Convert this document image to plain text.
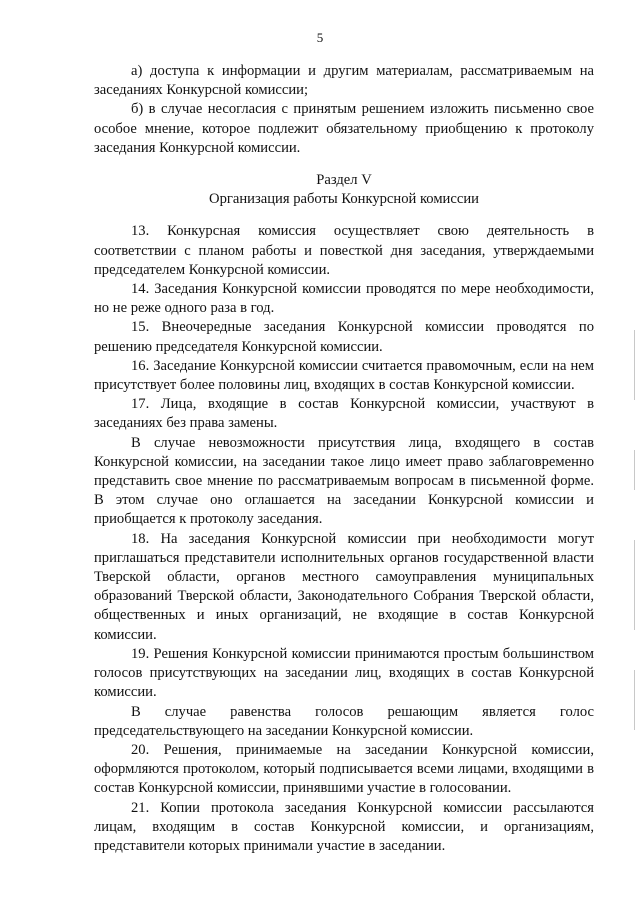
5

а) доступа к информации и другим материалам, рассматриваемым на заседаниях Конкурсной комиссии;

б) в случае несогласия с принятым решением изложить письменно свое особое мнение, которое подлежит обязательному приобщению к протоколу заседания Конкурсной комиссии.

Раздел V
Организация работы Конкурсной комиссии

13. Конкурсная комиссия осуществляет свою деятельность в соответствии с планом работы и повесткой дня заседания, утверждаемыми председателем Конкурсной комиссии.

14. Заседания Конкурсной комиссии проводятся по мере необходимости, но не реже одного раза в год.

15. Внеочередные заседания Конкурсной комиссии проводятся по решению председателя Конкурсной комиссии.

16. Заседание Конкурсной комиссии считается правомочным, если на нем присутствует более половины лиц, входящих в состав Конкурсной комиссии.

17. Лица, входящие в состав Конкурсной комиссии, участвуют в заседаниях без права замены.

В случае невозможности присутствия лица, входящего в состав Конкурсной комиссии, на заседании такое лицо имеет право заблаговременно представить свое мнение по рассматриваемым вопросам в письменной форме. В этом случае оно оглашается на заседании Конкурсной комиссии и приобщается к протоколу заседания.

18. На заседания Конкурсной комиссии при необходимости могут приглашаться представители исполнительных органов государственной власти Тверской области, органов местного самоуправления муниципальных образований Тверской области, Законодательного Собрания Тверской области, общественных и иных организаций, не входящие в состав Конкурсной комиссии.

19. Решения Конкурсной комиссии принимаются простым большинством голосов присутствующих на заседании лиц, входящих в состав Конкурсной комиссии.

В случае равенства голосов решающим является голос председательствующего на заседании Конкурсной комиссии.

20. Решения, принимаемые на заседании Конкурсной комиссии, оформляются протоколом, который подписывается всеми лицами, входящими в состав Конкурсной комиссии, принявшими участие в голосовании.

21. Копии протокола заседания Конкурсной комиссии рассылаются лицам, входящим в состав Конкурсной комиссии, и организациям, представители которых принимали участие в заседании.
